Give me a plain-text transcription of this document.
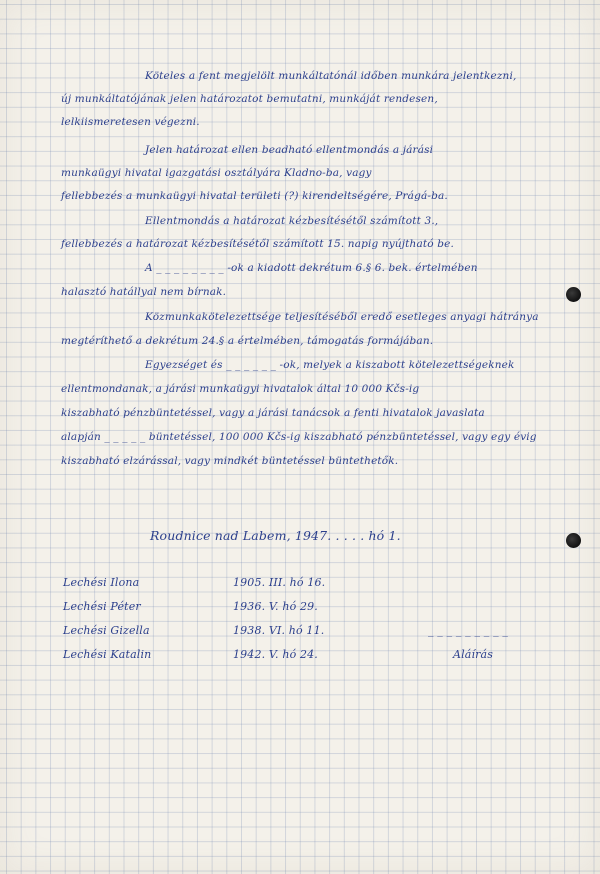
Köteles a fent megjelölt munkáltatónál időben munkára jelentkezni,
új munkáltatójának jelen határozatot bemutatni, munkáját rendesen,
lelkiismeretesen végezni.
Jelen határozat ellen beadható ellentmondás a járási
munkaügyi hivatal igazgatási osztályára Kladno-ba, vagy
fellebbezés a munkaügyi hivatal területi (?) kirendeltségére, Prágá-ba.
Ellentmondás a határozat kézbesítésétől számított 3.,
fellebbezés a határozat kézbesítésétől számított 15. napig nyújtható be.
A _ _ _ _ _ _ _ _ -ok a kiadott dekrétum 6.§ 6. bek. értelmében
halasztó hatállyal nem bírnak.
Közmunkakötelezettsége teljesítéséből eredő esetleges anyagi hátránya
megtéríthető a dekrétum 24.§ a értelmében, támogatás formájában.
Egyezséget és _ _ _ _ _ _ -ok, melyek a kiszabott kötelezettségeknek
ellentmondanak, a járási munkaügyi hivatalok által 10 000 Kčs-ig
kiszabható pénzbüntetéssel, vagy a járási tanácsok a fenti hivatalok javaslata
alapján _ _ _ _ _ büntetéssel, 100 000 Kčs-ig kiszabható pénzbüntetéssel, vagy egy évig
kiszabható elzárással, vagy mindkét büntetéssel büntethetők.
Roudnice nad Labem, 1947. . . . . hó 1.
Lechési Ilona	1905. III. hó 16.
Lechési Péter	1936. V. hó 29.
Lechési Gizella	1938. VI. hó 11.	_ _ _ _ _ _ _ _ _
Lechési Katalin	1942. V. hó 24.	Aláírás
